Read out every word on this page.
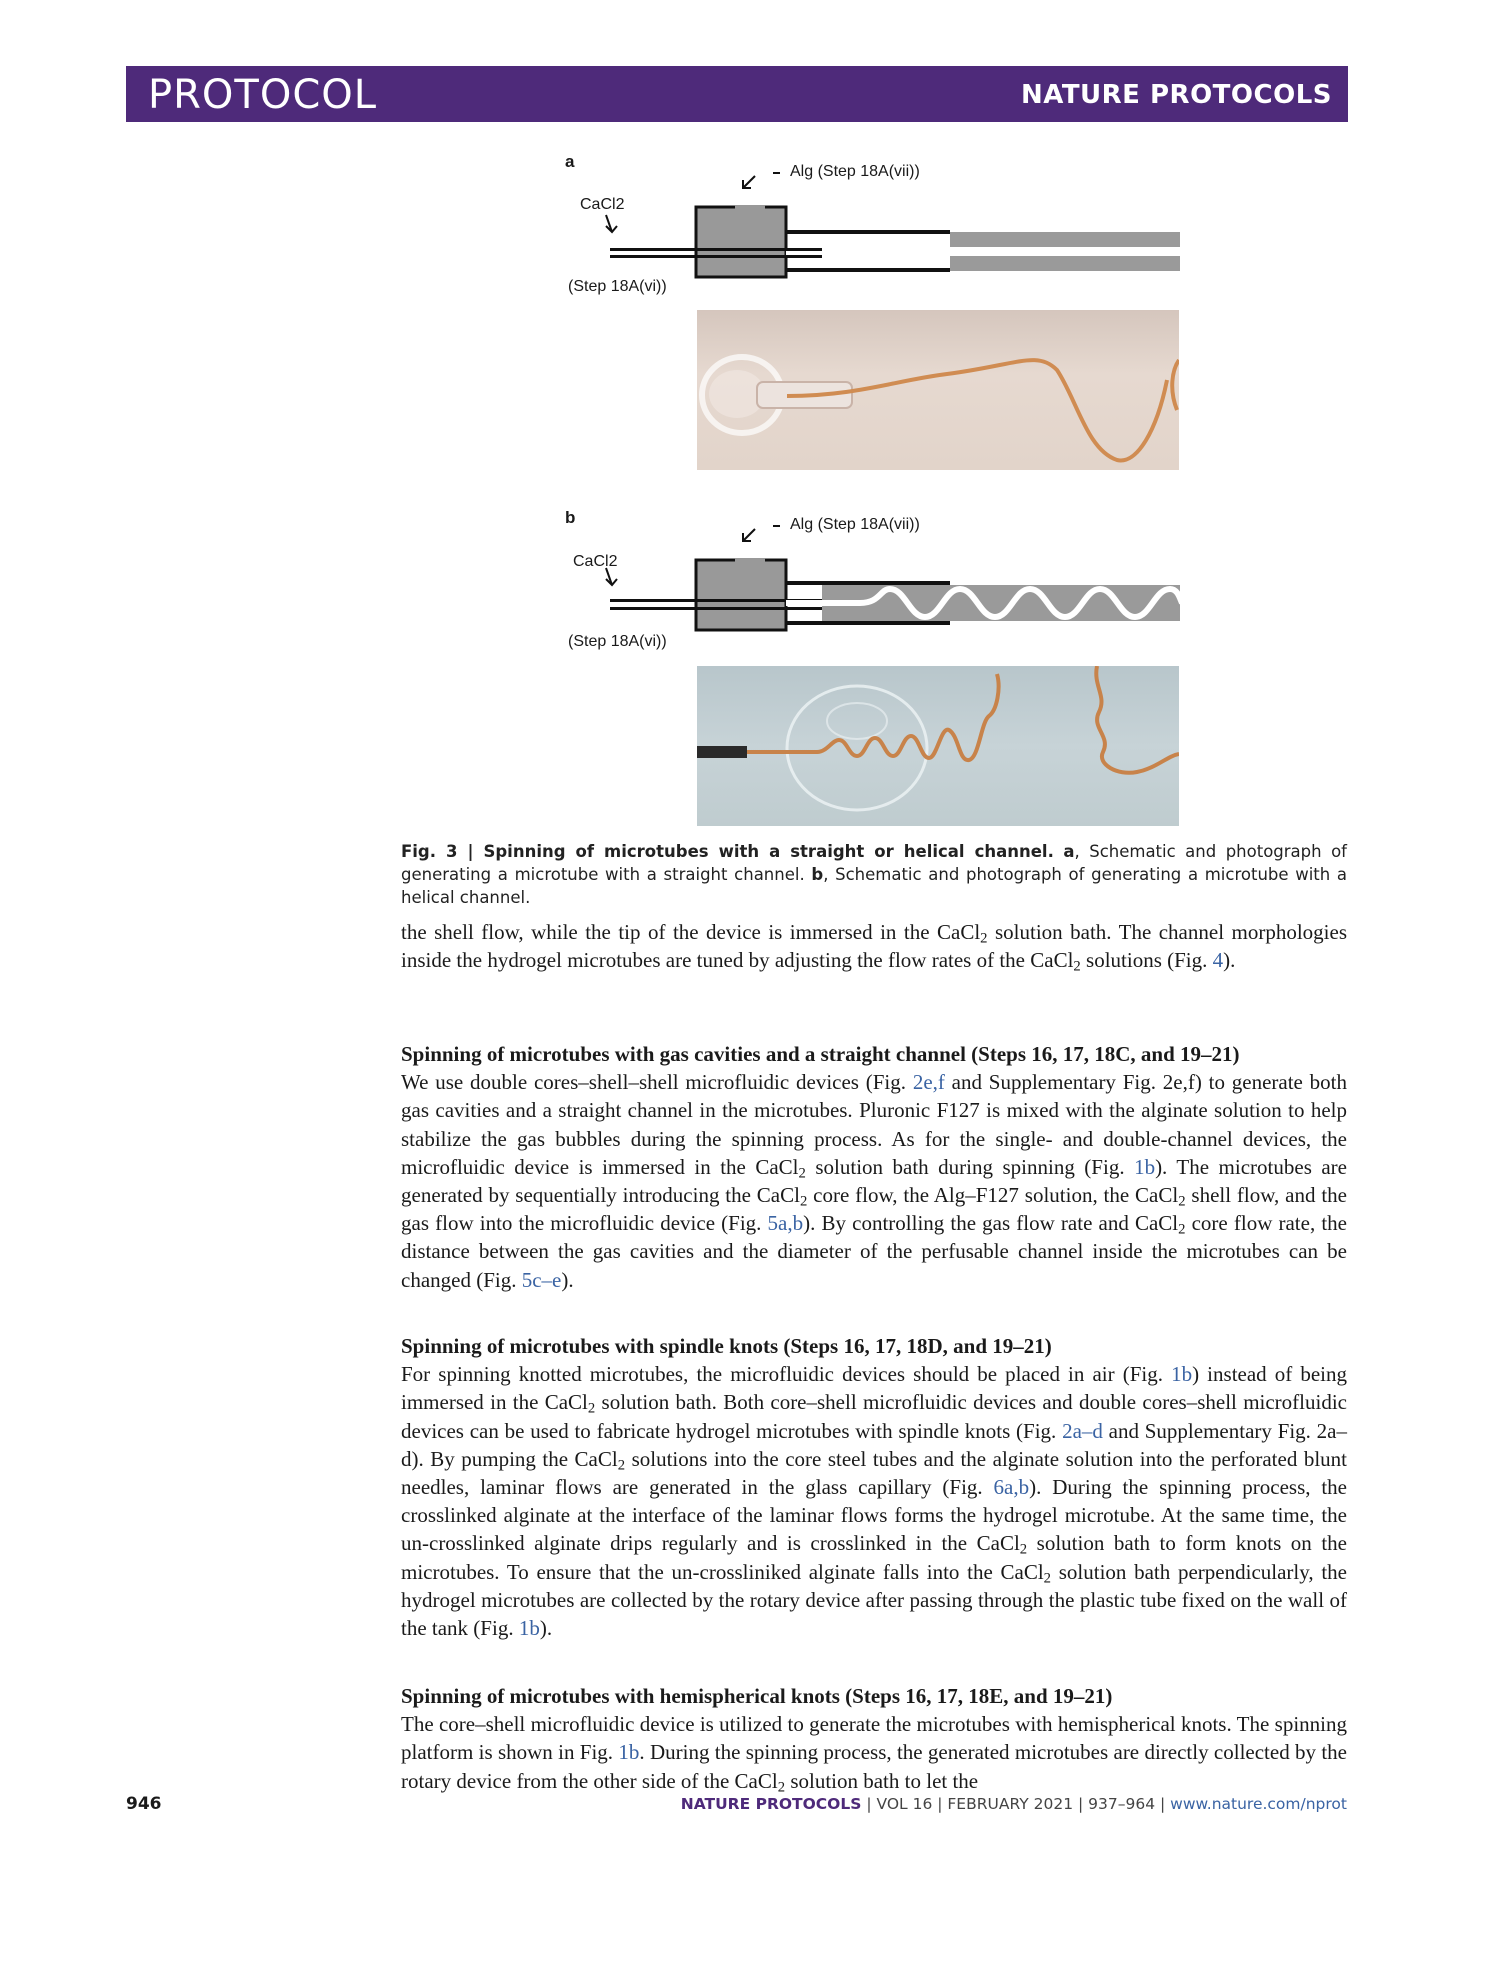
PROTOCOL	NATURE PROTOCOLS
a
Alg (Step 18A(vii))
CaCl2
(Step 18A(vi))
b	Alg (Step 18A(vii))
CaCl2
(Step 18A(vi))
Fig. 3 | Spinning of microtubes with a straight or helical channel. a, Schematic and photograph of generating a microtube with a straight channel. b, Schematic and photograph of generating a microtube with a helical channel.

the shell flow, while the tip of the device is immersed in the CaCl$_2$ solution bath. The channel morphologies inside the hydrogel microtubes are tuned by adjusting the flow rates of the CaCl$_2$ solutions (Fig. 4).

Spinning of microtubes with gas cavities and a straight channel (Steps 16, 17, 18C, and 19–21)

We use double cores–shell–shell microfluidic devices (Fig. 2e,f and Supplementary Fig. 2e,f) to generate both gas cavities and a straight channel in the microtubes. Pluronic F127 is mixed with the alginate solution to help stabilize the gas bubbles during the spinning process. As for the single- and double-channel devices, the microfluidic device is immersed in the CaCl$_2$ solution bath during spinning (Fig. 1b). The microtubes are generated by sequentially introducing the CaCl$_2$ core flow, the Alg–F127 solution, the CaCl$_2$ shell flow, and the gas flow into the microfluidic device (Fig. 5a,b). By controlling the gas flow rate and CaCl$_2$ core flow rate, the distance between the gas cavities and the diameter of the perfusable channel inside the microtubes can be changed (Fig. 5c–e).

Spinning of microtubes with spindle knots (Steps 16, 17, 18D, and 19–21)

For spinning knotted microtubes, the microfluidic devices should be placed in air (Fig. 1b) instead of being immersed in the CaCl$_2$ solution bath. Both core–shell microfluidic devices and double cores–shell microfluidic devices can be used to fabricate hydrogel microtubes with spindle knots (Fig. 2a–d and Supplementary Fig. 2a–d). By pumping the CaCl$_2$ solutions into the core steel tubes and the alginate solution into the perforated blunt needles, laminar flows are generated in the glass capillary (Fig. 6a,b). During the spinning process, the crosslinked alginate at the interface of the laminar flows forms the hydrogel microtube. At the same time, the un-crosslinked alginate drips regularly and is crosslinked in the CaCl$_2$ solution bath to form knots on the microtubes. To ensure that the un-crossliniked alginate falls into the CaCl$_2$ solution bath perpendicularly, the hydrogel microtubes are collected by the rotary device after passing through the plastic tube fixed on the wall of the tank (Fig. 1b).

Spinning of microtubes with hemispherical knots (Steps 16, 17, 18E, and 19–21)

The core–shell microfluidic device is utilized to generate the microtubes with hemispherical knots. The spinning platform is shown in Fig. 1b. During the spinning process, the generated microtubes are directly collected by the rotary device from the other side of the CaCl$_2$ solution bath to let the

946	NATURE PROTOCOLS | VOL 16 | FEBRUARY 2021 | 937–964 | www.nature.com/nprot
